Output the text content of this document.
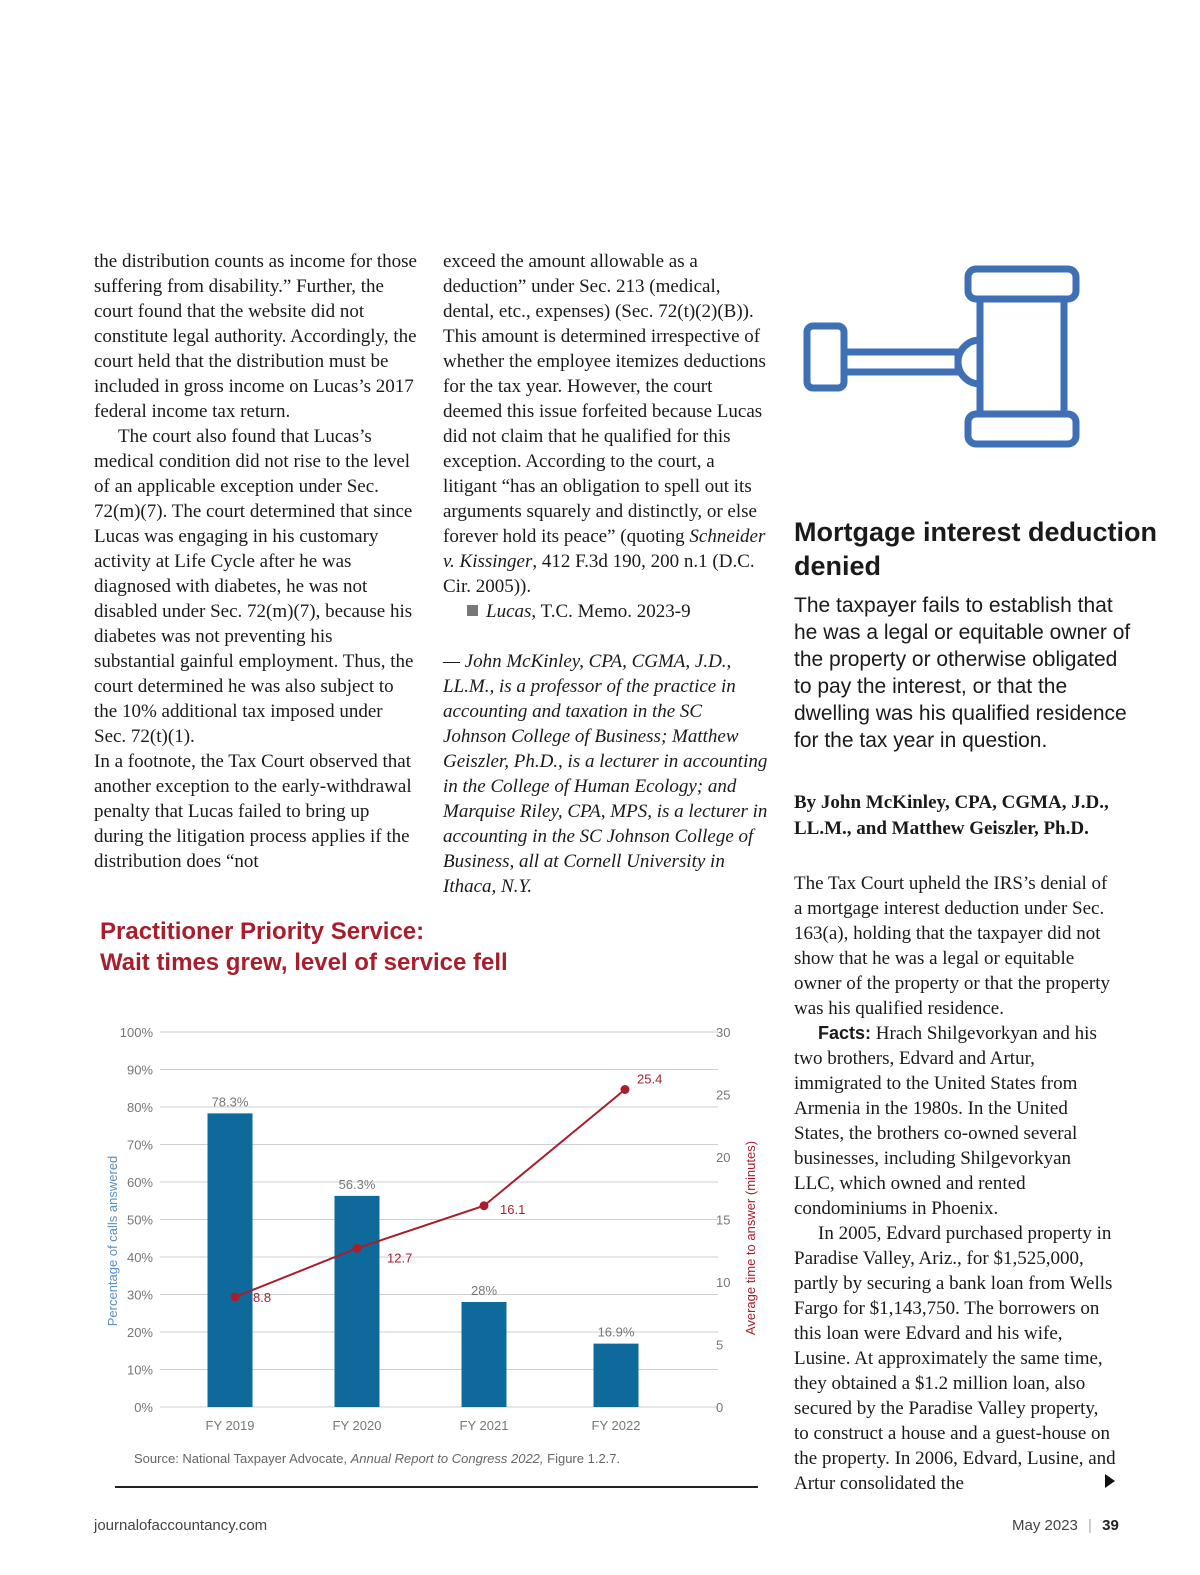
the distribution counts as income for those suffering from disability.” Further, the court found that the website did not constitute legal authority. Accordingly, the court held that the distribution must be included in gross income on Lucas’s 2017 federal income tax return.

The court also found that Lucas’s medical condition did not rise to the level of an applicable exception under Sec. 72(m)(7). The court determined that since Lucas was engaging in his customary activity at Life Cycle after he was diagnosed with diabetes, he was not disabled under Sec. 72(m)(7), because his diabetes was not preventing his substantial gainful employment. Thus, the court determined he was also subject to the 10% additional tax imposed under Sec. 72(t)(1).

In a footnote, the Tax Court observed that another exception to the early-withdrawal penalty that Lucas failed to bring up during the litigation process applies if the distribution does “not

exceed the amount allowable as a deduction” under Sec. 213 (medical, dental, etc., expenses) (Sec. 72(t)(2)(B)). This amount is determined irrespective of whether the employee itemizes deductions for the tax year. However, the court deemed this issue forfeited because Lucas did not claim that he qualified for this exception. According to the court, a litigant “has an obligation to spell out its arguments squarely and distinctly, or else forever hold its peace” (quoting Schneider v. Kissinger, 412 F.3d 190, 200 n.1 (D.C. Cir. 2005)).

Lucas, T.C. Memo. 2023-9

— John McKinley, CPA, CGMA, J.D., LL.M., is a professor of the practice in accounting and taxation in the SC Johnson College of Business; Matthew Geiszler, Ph.D., is a lecturer in accounting in the College of Human Ecology; and Marquise Riley, CPA, MPS, is a lecturer in accounting in the SC Johnson College of Business, all at Cornell University in Ithaca, N.Y.

Mortgage interest deduction denied
The taxpayer fails to establish that he was a legal or equitable owner of the property or otherwise obligated to pay the interest, or that the dwelling was his qualified residence for the tax year in question.
By John McKinley, CPA, CGMA, J.D., LL.M., and Matthew Geiszler, Ph.D.

The Tax Court upheld the IRS’s denial of a mortgage interest deduction under Sec. 163(a), holding that the taxpayer did not show that he was a legal or equitable owner of the property or that the property was his qualified residence.

Facts: Hrach Shilgevorkyan and his two brothers, Edvard and Artur, immigrated to the United States from Armenia in the 1980s. In the United States, the brothers co-owned several businesses, including Shilgevorkyan LLC, which owned and rented condominiums in Phoenix.

In 2005, Edvard purchased property in Paradise Valley, Ariz., for $1,525,000, partly by securing a bank loan from Wells Fargo for $1,143,750. The borrowers on this loan were Edvard and his wife, Lusine. At approximately the same time, they obtained a $1.2 million loan, also secured by the Paradise Valley property, to construct a house and a guest-house on the property. In 2006, Edvard, Lusine, and Artur consolidated the

Practitioner Priority Service:
Wait times grew, level of service fell
0%
10%
20%
30%
40%
50%
60%
70%
80%
90%
100%
0
5
10
15
20
25
30
78.3%
56.3%
28%
16.9%
FY 2019	FY 2020	FY 2021	FY 2022
8.8
12.7
16.1
25.4
Percentage of calls answered	Average time to answer (minutes)
Source: National Taxpayer Advocate, Annual Report to Congress 2022, Figure 1.2.7.
journalofaccountancy.com	May 2023 | 39
